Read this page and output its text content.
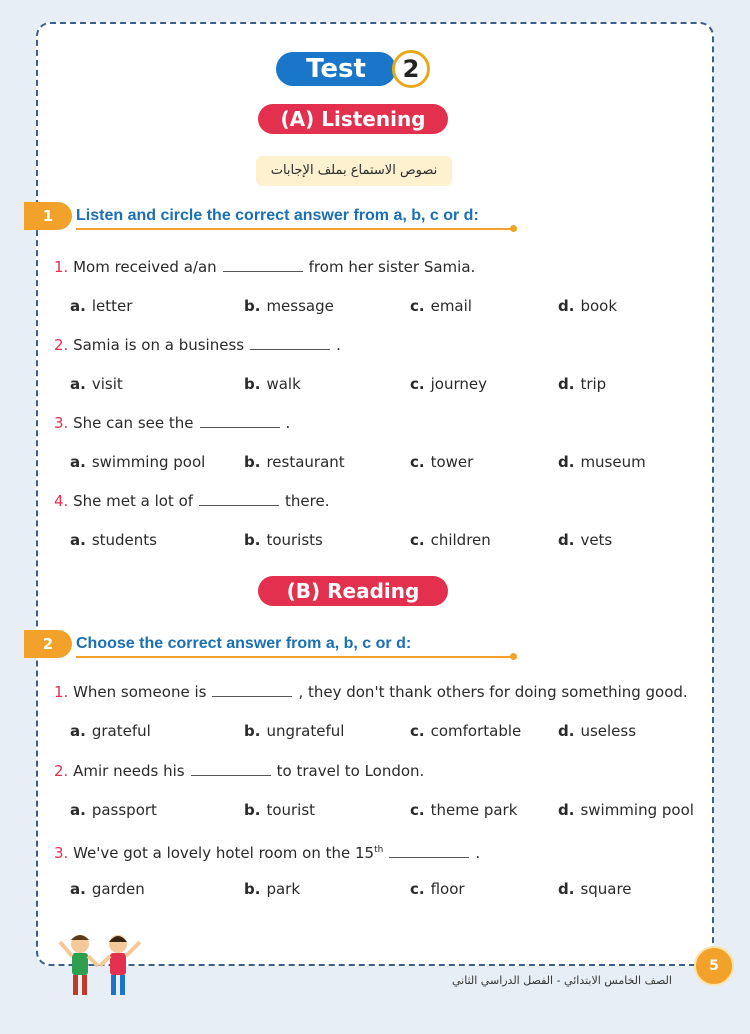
Test	2
(A) Listening
نصوص الاستماع بملف الإجابات
1	Listen and circle the correct answer from a, b, c or d:
1. Mom received a/an	from her sister Samia.
a. letter	b. message	c. email	d. book
2. Samia is on a business	.
a. visit	b. walk	c. journey	d. trip
3. She can see the	.
a. swimming pool	b. restaurant	c. tower	d. museum
4. She met a lot of	there.
a. students	b. tourists	c. children	d. vets
(B) Reading
2	Choose the correct answer from a, b, c or d:
1. When someone is	, they don't thank others for doing something good.
a. grateful	b. ungrateful	c. comfortable d. useless
2. Amir needs his	to travel to London.
a. passport	b. tourist	c. theme park	d. swimming pool
3. We've got a lovely hotel room on the 15th	.
a. garden	b. park	c. floor	d. square
الصف الخامس الابتدائي - الفصل الدراسي الثاني
5
